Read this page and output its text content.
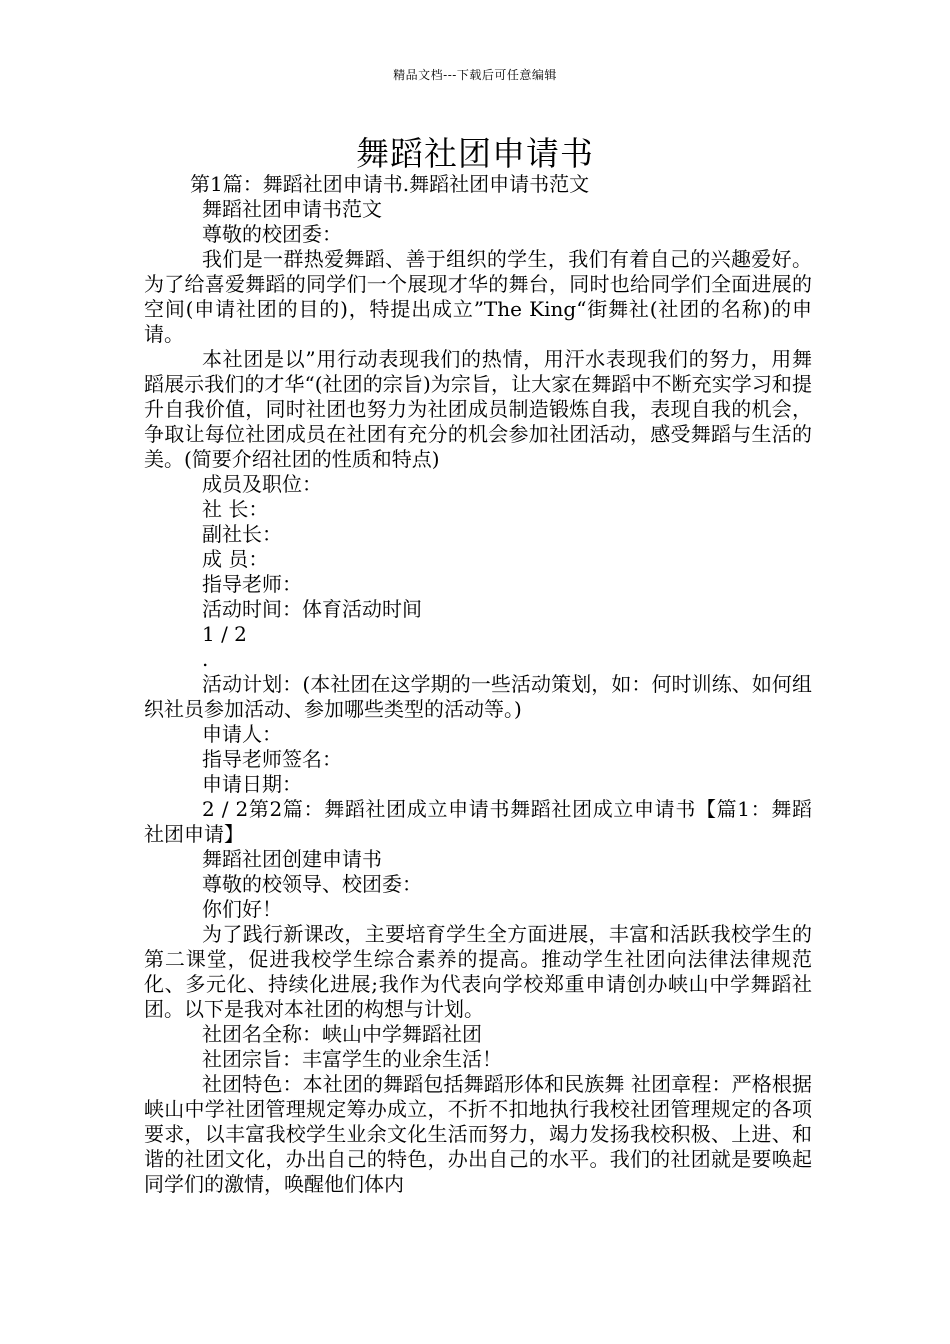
精品文档---下载后可任意编辑
舞蹈社团申请书

第1篇：舞蹈社团申请书.舞蹈社团申请书范文

舞蹈社团申请书范文

尊敬的校团委：

我们是一群热爱舞蹈、善于组织的学生，我们有着自己的兴趣爱好。为了给喜爱舞蹈的同学们一个展现才华的舞台，同时也给同学们全面进展的空间(申请社团的目的)，特提出成立”The King“街舞社(社团的名称)的申请。

本社团是以”用行动表现我们的热情，用汗水表现我们的努力，用舞蹈展示我们的才华“(社团的宗旨)为宗旨，让大家在舞蹈中不断充实学习和提升自我价值，同时社团也努力为社团成员制造锻炼自我，表现自我的机会，争取让每位社团成员在社团有充分的机会参加社团活动，感受舞蹈与生活的美。(简要介绍社团的性质和特点)

成员及职位：

社 长：

副社长：

成 员：

指导老师：

活动时间：体育活动时间

1 / 2

.

活动计划：(本社团在这学期的一些活动策划，如：何时训练、如何组织社员参加活动、参加哪些类型的活动等。)

申请人：

指导老师签名：

申请日期：

2 / 2第2篇：舞蹈社团成立申请书舞蹈社团成立申请书【篇1：舞蹈社团申请】

舞蹈社团创建申请书

尊敬的校领导、校团委：

你们好！

为了践行新课改，主要培育学生全方面进展，丰富和活跃我校学生的第二课堂，促进我校学生综合素养的提高。推动学生社团向法律法律规范化、多元化、持续化进展;我作为代表向学校郑重申请创办峡山中学舞蹈社团。以下是我对本社团的构想与计划。

社团名全称：峡山中学舞蹈社团

社团宗旨：丰富学生的业余生活！

社团特色：本社团的舞蹈包括舞蹈形体和民族舞 社团章程：严格根据峡山中学社团管理规定筹办成立，不折不扣地执行我校社团管理规定的各项要求，以丰富我校学生业余文化生活而努力，竭力发扬我校积极、上进、和谐的社团文化，办出自己的特色，办出自己的水平。我们的社团就是要唤起同学们的激情，唤醒他们体内
